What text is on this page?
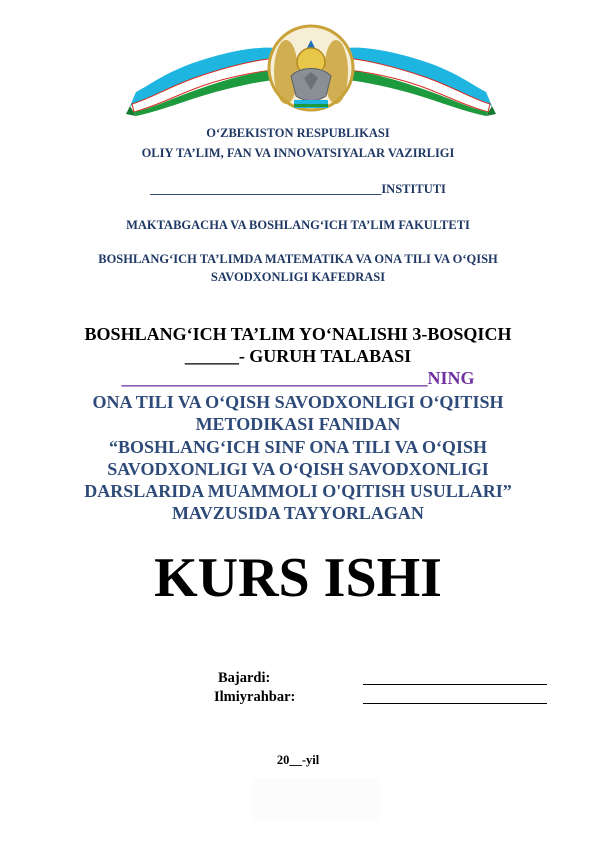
O‘ZBEKISTON RESPUBLIKASI
OLIY TA’LIM, FAN VA INNOVATSIYALAR VAZIRLIGI
_____________________________________INSTITUTI
MAKTABGACHA VA BOSHLANG‘ICH TA’LIM FAKULTETI
BOSHLANG‘ICH TA’LIMDA MATEMATIKA VA ONA TILI VA O‘QISH
SAVODXONLIGI KAFEDRASI
BOSHLANG‘ICH TA’LIM YO‘NALISHI 3-BOSQICH
______- GURUH TALABASI
__________________________________NING
ONA TILI VA O‘QISH SAVODXONLIGI O‘QITISH
METODIKASI FANIDAN
“BOSHLANG‘ICH SINF ONA TILI VA O‘QISH
SAVODXONLIGI VA O‘QISH SAVODXONLIGI
DARSLARIDA MUAMMOLI O'QITISH USULLARI”
MAVZUSIDA TAYYORLAGAN
KURS ISHI
Bajardi:
Ilmiyrahbar:
20__-yil
